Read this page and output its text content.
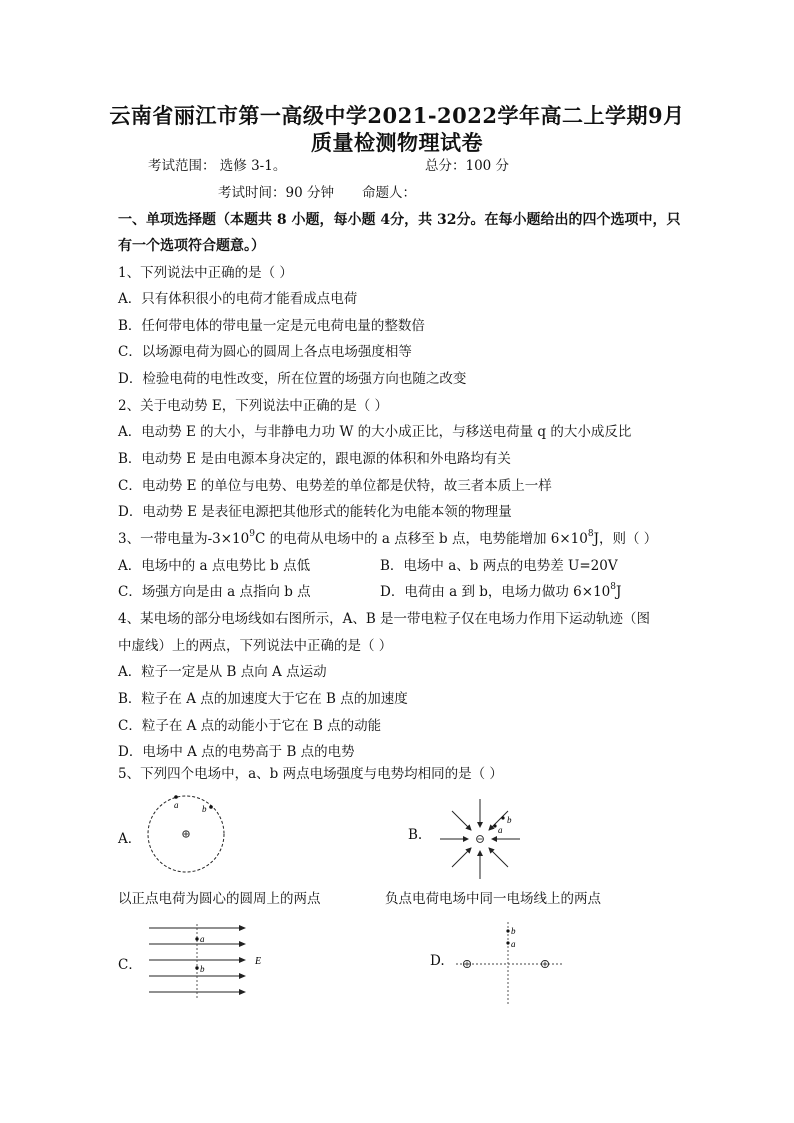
云南省丽江市第一高级中学2021-2022学年高二上学期9月
质量检测物理试卷
考试范围： 选修 3-1。	总分：100 分
考试时间：90 分钟 命题人：
一、单项选择题（本题共 8 小题，每小题 4分，共 32分。在每小题给出的四个选项中，只
有一个选项符合题意。）
1、下列说法中正确的是（ ）
A．只有体积很小的电荷才能看成点电荷
B．任何带电体的带电量一定是元电荷电量的整数倍
C．以场源电荷为圆心的圆周上各点电场强度相等
D．检验电荷的电性改变，所在位置的场强方向也随之改变
2、关于电动势 E，下列说法中正确的是（ ）
A．电动势 E 的大小，与非静电力功 W 的大小成正比，与移送电荷量 q 的大小成反比
B．电动势 E 是由电源本身决定的，跟电源的体积和外电路均有关
C．电动势 E 的单位与电势、电势差的单位都是伏特，故三者本质上一样
D．电动势 E 是表征电源把其他形式的能转化为电能本领的物理量
3、一带电量为$-3\times 10^9C$ 的电荷从电场中的 a 点移至 b 点，电势能增加 $6\times 10^8J$，则（ ）
A．电场中的 a 点电势比 b 点低	B．电场中 a、b 两点的电势差 U=20V
C．场强方向是由 a 点指向 b 点	D．电荷由 a 到 b，电场力做功 $6\times 10^8J$
4、某电场的部分电场线如右图所示，A、B 是一带电粒子仅在电场力作用下运动轨迹（图
中虚线）上的两点，下列说法中正确的是（ ）
A．粒子一定是从 B 点向 A 点运动
B．粒子在 A 点的加速度大于它在 B 点的加速度
C．粒子在 A 点的动能小于它在 B 点的动能
D．电场中 A 点的电势高于 B 点的电势
5、下列四个电场中，a、b 两点电场强度与电势均相同的是（ ）
A．
a	b
B.	a
b
以正点电荷为圆心的圆周上的两点	负点电荷电场中同一电场线上的两点
C．
a
b
E	D.
b
a
